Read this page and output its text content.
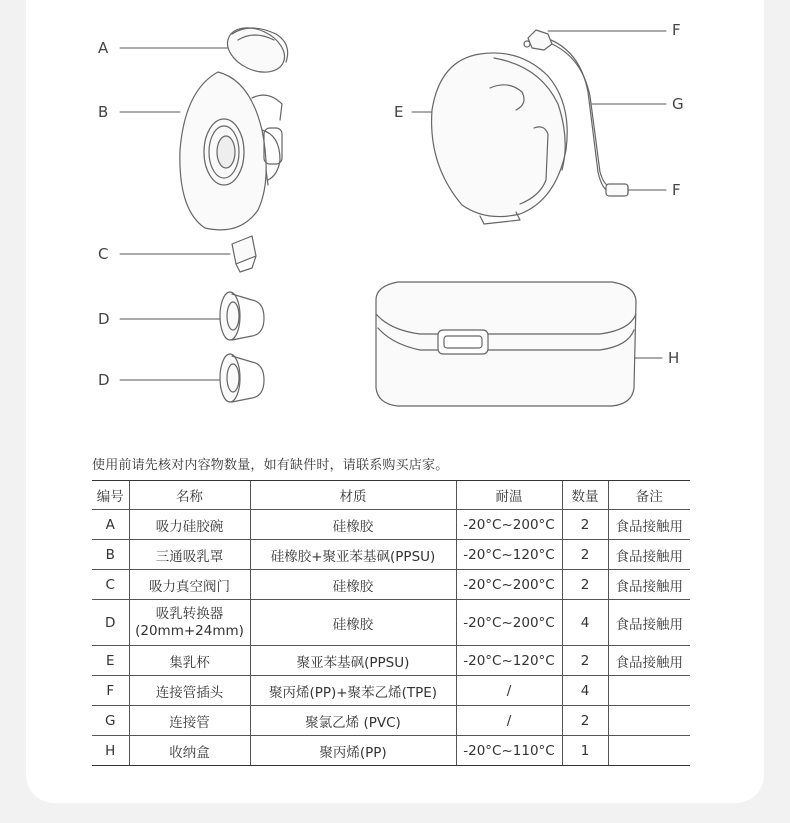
A
B
C
D
D
E
F
G
F
H
使用前请先核对内容物数量，如有缺件时，请联系购买店家。
编号	名称	材质	耐温	数量	备注
A	吸力硅胶碗	硅橡胶	-20°C~200°C	2	食品接触用
B	三通吸乳罩	硅橡胶+聚亚苯基砜(PPSU)	-20°C~120°C	2	食品接触用
C	吸力真空阀门	硅橡胶	-20°C~200°C	2	食品接触用
D	吸乳转换器 (20mm+24mm)	硅橡胶	-20°C~200°C	4	食品接触用
E	集乳杯	聚亚苯基砜(PPSU)	-20°C~120°C	2	食品接触用
F	连接管插头	聚丙烯(PP)+聚苯乙烯(TPE)	/	4	
G	连接管	聚氯乙烯 (PVC)	/	2	
H	收纳盒	聚丙烯(PP)	-20°C~110°C	1	
